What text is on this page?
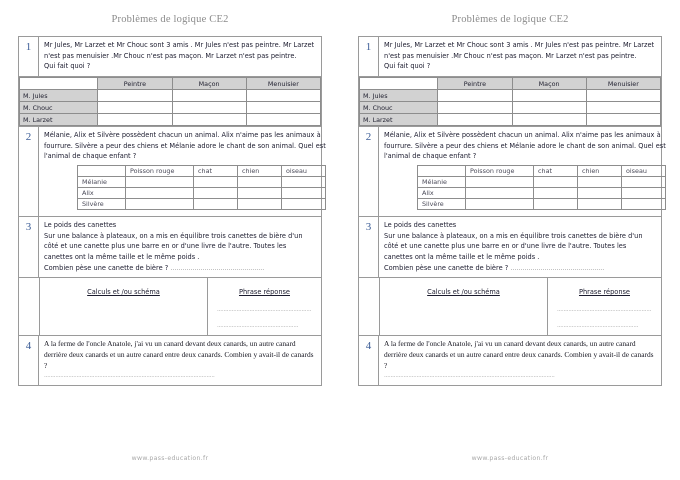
Problèmes de logique CE2
1	Mr Jules, Mr Larzet et Mr Chouc sont 3 amis . Mr Jules n'est pas peintre. Mr Larzet n'est pas menuisier .Mr Chouc n'est pas maçon. Mr Larzet n'est pas peintre.
Qui fait quoi ?
	Peintre	Maçon	Menuisier
M. Jules			
M. Chouc			
M. Larzet			
2	Mélanie, Alix et Silvère possèdent chacun un animal. Alix n'aime pas les animaux à fourrure. Silvère a peur des chiens et Mélanie adore le chant de son animal. Quel est l'animal de chaque enfant ?
	Poisson rouge	chat	chien	oiseau
Mélanie				
Alix				
Silvère				
3	Le poids des canettes
Sur une balance à plateaux, on a mis en équilibre trois canettes de bière d'un côté et une canette plus une barre en or d'une livre de l'autre. Toutes les canettes ont la même taille et le même poids .
Combien pèse une canette de bière ? ...............................................
Calculs et /ou schéma	Phrase réponse
..........................................................
..................................................
4	A la ferme de l'oncle Anatole, j'ai vu un canard devant deux canards, un autre canard derrière deux canards et un autre canard entre deux canards. Combien y avait-il de canards ?
.........................................................................................................
www.pass-education.fr
Problèmes de logique CE2
1	Mr Jules, Mr Larzet et Mr Chouc sont 3 amis . Mr Jules n'est pas peintre. Mr Larzet n'est pas menuisier .Mr Chouc n'est pas maçon. Mr Larzet n'est pas peintre.
Qui fait quoi ?
	Peintre	Maçon	Menuisier
M. Jules			
M. Chouc			
M. Larzet			
2	Mélanie, Alix et Silvère possèdent chacun un animal. Alix n'aime pas les animaux à fourrure. Silvère a peur des chiens et Mélanie adore le chant de son animal. Quel est l'animal de chaque enfant ?
	Poisson rouge	chat	chien	oiseau
Mélanie				
Alix				
Silvère				
3	Le poids des canettes
Sur une balance à plateaux, on a mis en équilibre trois canettes de bière d'un côté et une canette plus une barre en or d'une livre de l'autre. Toutes les canettes ont la même taille et le même poids .
Combien pèse une canette de bière ? ...............................................
Calculs et /ou schéma	Phrase réponse
..........................................................
..................................................
4	A la ferme de l'oncle Anatole, j'ai vu un canard devant deux canards, un autre canard derrière deux canards et un autre canard entre deux canards. Combien y avait-il de canards ?
.........................................................................................................
www.pass-education.fr
